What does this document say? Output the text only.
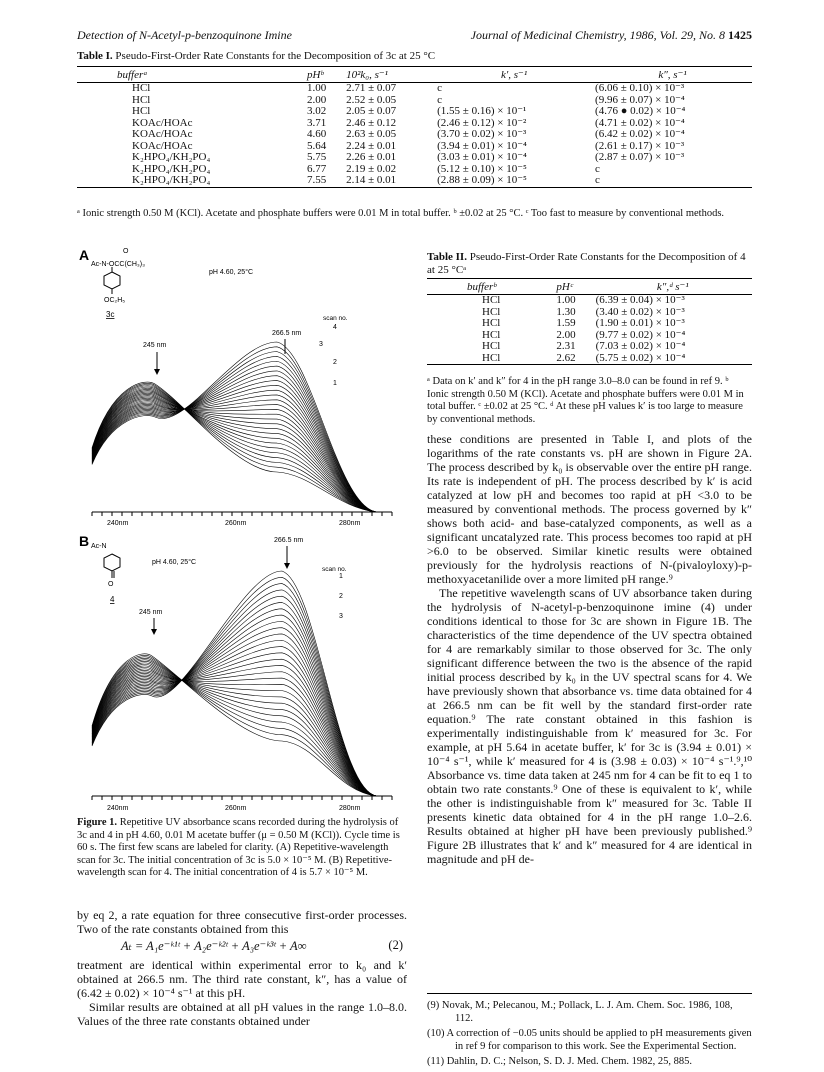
Detection of N-Acetyl-p-benzoquinone Imine	Journal of Medicinal Chemistry, 1986, Vol. 29, No. 8 1425
Table I. Pseudo-First-Order Rate Constants for the Decomposition of 3c at 25 °C
bufferᵃ	pHᵇ	10²k₀, s⁻¹	k′, s⁻¹	k″, s⁻¹
HCl	1.00	2.71 ± 0.07	c	(6.06 ± 0.10) × 10⁻³
HCl	2.00	2.52 ± 0.05	c	(9.96 ± 0.07) × 10⁻⁴
HCl	3.02	2.05 ± 0.07	(1.55 ± 0.16) × 10⁻¹	(4.76 ● 0.02) × 10⁻⁴
KOAc/HOAc	3.71	2.46 ± 0.12	(2.46 ± 0.12) × 10⁻²	(4.71 ± 0.02) × 10⁻⁴
KOAc/HOAc	4.60	2.63 ± 0.05	(3.70 ± 0.02) × 10⁻³	(6.42 ± 0.02) × 10⁻⁴
KOAc/HOAc	5.64	2.24 ± 0.01	(3.94 ± 0.01) × 10⁻⁴	(2.61 ± 0.17) × 10⁻³
K₂HPO₄/KH₂PO₄	5.75	2.26 ± 0.01	(3.03 ± 0.01) × 10⁻⁴	(2.87 ± 0.07) × 10⁻³
K₂HPO₄/KH₂PO₄	6.77	2.19 ± 0.02	(5.12 ± 0.10) × 10⁻⁵	c
K₂HPO₄/KH₂PO₄	7.55	2.14 ± 0.01	(2.88 ± 0.09) × 10⁻⁵	c
ᵃ Ionic strength 0.50 M (KCl). Acetate and phosphate buffers were 0.01 M in total buffer. ᵇ ±0.02 at 25 °C. ᶜ Too fast to measure by conventional methods.
A	O
Ac-N-OCC(CH₃)₃
OC₂H₅
3c
pH 4.60, 25°C
245 nm
266.5 nm
scan no.
4
3
2
1
240nm	260nm	280nm
B Ac-N
O
4
pH 4.60, 25°C
266.5 nm
scan no.
245 nm
1
2
3
240nm	260nm	280nm
Figure 1. Repetitive UV absorbance scans recorded during the hydrolysis of 3c and 4 in pH 4.60, 0.01 M acetate buffer (μ = 0.50 M (KCl)). Cycle time is 60 s. The first few scans are labeled for clarity. (A) Repetitive-wavelength scan for 3c. The initial concentration of 3c is 5.0 × 10⁻⁵ M. (B) Repetitive-wavelength scan for 4. The initial concentration of 4 is 5.7 × 10⁻⁵ M.
by eq 2, a rate equation for three consecutive first-order processes. Two of the rate constants obtained from this
Aₜ = A₁e⁻ᵏ¹ᵗ + A₂e⁻ᵏ²ᵗ + A₃e⁻ᵏ³ᵗ + A∞	(2)
treatment are identical within experimental error to k₀ and k′ obtained at 266.5 nm. The third rate constant, k″, has a value of (6.42 ± 0.02) × 10⁻⁴ s⁻¹ at this pH.
Similar results are obtained at all pH values in the range 1.0–8.0. Values of the three rate constants obtained under
Table II. Pseudo-First-Order Rate Constants for the Decomposition of 4 at 25 °Cᵃ
bufferᵇ	pHᶜ	k″,ᵈ s⁻¹
HCl	1.00	(6.39 ± 0.04) × 10⁻³
HCl	1.30	(3.40 ± 0.02) × 10⁻³
HCl	1.59	(1.90 ± 0.01) × 10⁻³
HCl	2.00	(9.77 ± 0.02) × 10⁻⁴
HCl	2.31	(7.03 ± 0.02) × 10⁻⁴
HCl	2.62	(5.75 ± 0.02) × 10⁻⁴
ᵃ Data on k′ and k″ for 4 in the pH range 3.0–8.0 can be found in ref 9. ᵇ Ionic strength 0.50 M (KCl). Acetate and phosphate buffers were 0.01 M in total buffer. ᶜ ±0.02 at 25 °C. ᵈ At these pH values k′ is too large to measure by conventional methods.

these conditions are presented in Table I, and plots of the logarithms of the rate constants vs. pH are shown in Figure 2A. The process described by k₀ is observable over the entire pH range. Its rate is independent of pH. The process described by k′ is acid catalyzed at low pH and becomes too rapid at pH <3.0 to be measured by conventional methods. The process governed by k″ shows both acid- and base-catalyzed components, as well as a significant uncatalyzed rate. This process becomes too rapid at pH >6.0 to be observed. Similar kinetic results were obtained previously for the hydrolysis reactions of N-(pivaloyloxy)-p-methoxyacetanilide over a more limited pH range.⁹

The repetitive wavelength scans of UV absorbance taken during the hydrolysis of N-acetyl-p-benzoquinone imine (4) under conditions identical to those for 3c are shown in Figure 1B. The characteristics of the time dependence of the UV spectra obtained for 4 are remarkably similar to those observed for 3c. The only significant difference between the two is the absence of the rapid initial process described by k₀ in the UV spectral scans for 4. We have previously shown that absorbance vs. time data obtained for 4 at 266.5 nm can be fit well by the standard first-order rate equation.⁹ The rate constant obtained in this fashion is experimentally indistinguishable from k′ measured for 3c. For example, at pH 5.64 in acetate buffer, k′ for 3c is (3.94 ± 0.01) × 10⁻⁴ s⁻¹, while k′ measured for 4 is (3.98 ± 0.03) × 10⁻⁴ s⁻¹.⁹,¹⁰ Absorbance vs. time data taken at 245 nm for 4 can be fit to eq 1 to obtain two rate constants.⁹ One of these is equivalent to k′, while the other is indistinguishable from k″ measured for 3c. Table II presents kinetic data obtained for 4 in the pH range 1.0–2.6. Results obtained at higher pH have been previously published.⁹ Figure 2B illustrates that k′ and k″ measured for 4 are identical in magnitude and pH de-

(9) Novak, M.; Pelecanou, M.; Pollack, L. J. Am. Chem. Soc. 1986, 108, 112.
(10) A correction of −0.05 units should be applied to pH measurements given in ref 9 for comparison to this work. See the Experimental Section.
(11) Dahlin, D. C.; Nelson, S. D. J. Med. Chem. 1982, 25, 885.
